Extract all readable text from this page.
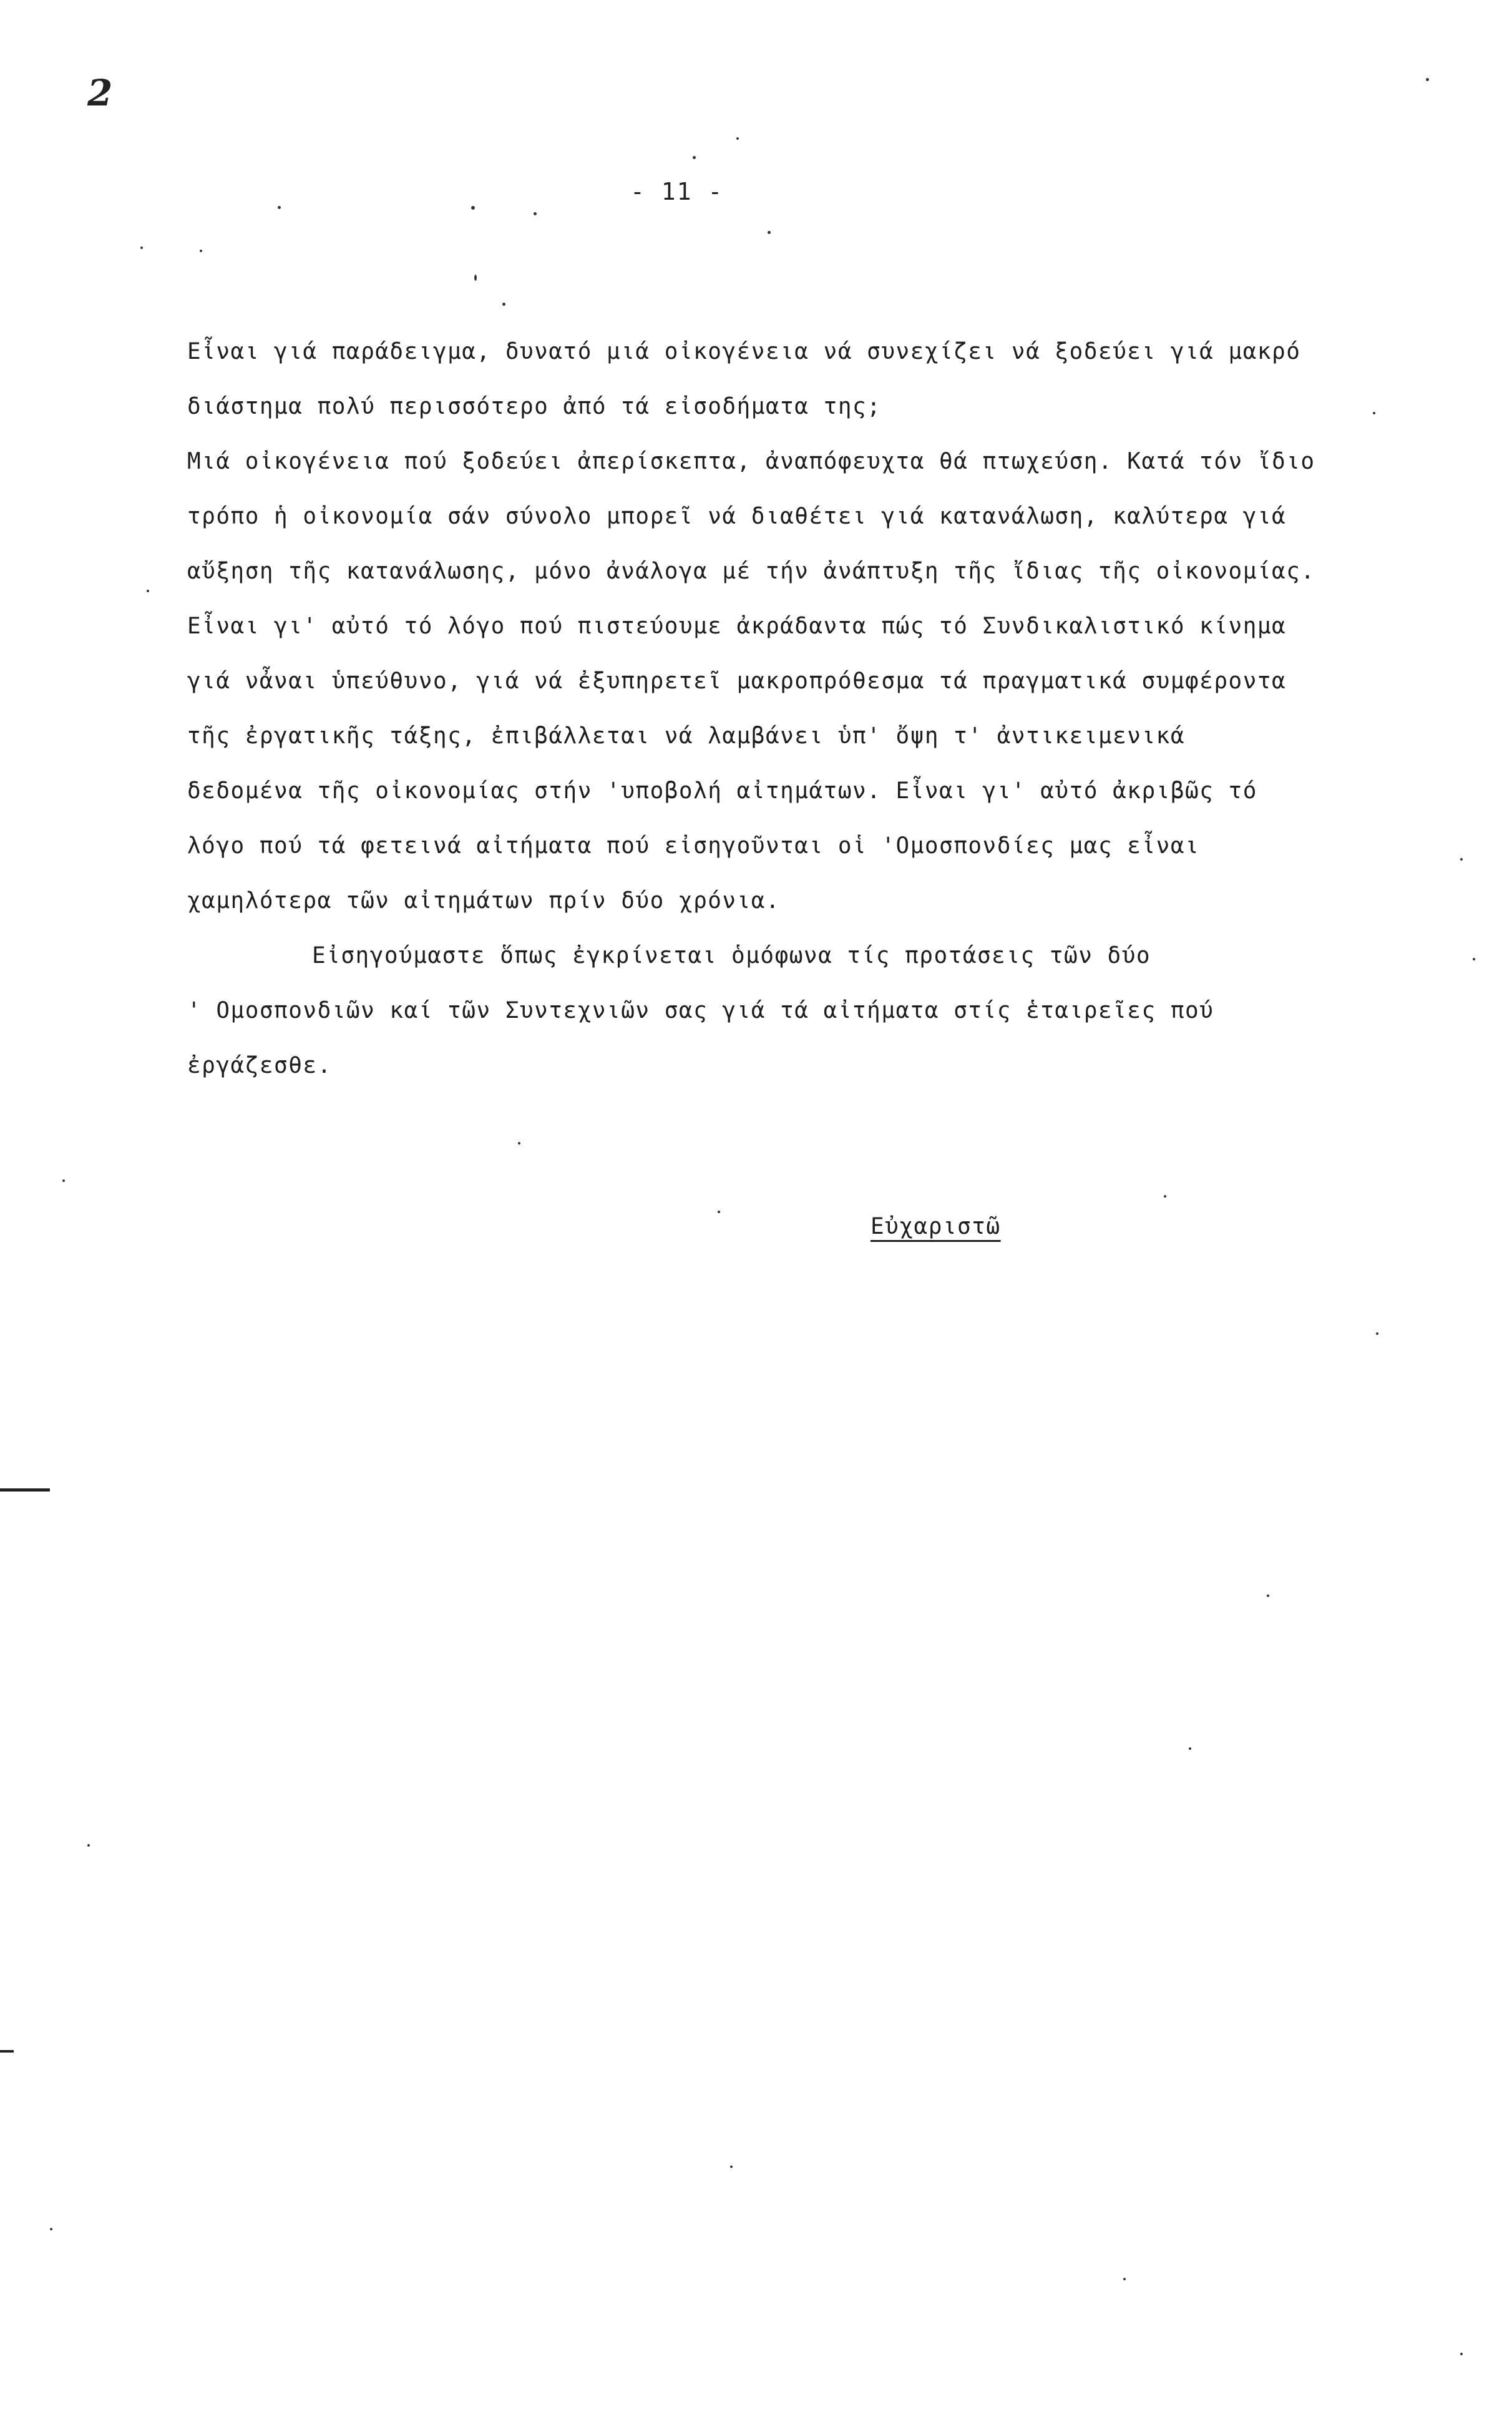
2
- 11 -
Εἶναι γιά παράδειγμα, δυνατό μιά οἰκογένεια νά συνεχίζει νά ξοδεύει γιά μακρό
διάστημα πολύ περισσότερο ἀπό τά εἰσοδήματα της;
Μιά οἰκογένεια πού ξοδεύει ἀπερίσκεπτα, ἀναπόφευχτα θά πτωχεύση. Κατά τόν ἴδιο
τρόπο ἡ οἰκονομία σάν σύνολο μπορεῖ νά διαθέτει γιά κατανάλωση, καλύτερα γιά
αὔξηση τῆς κατανάλωσης, μόνο ἀνάλογα μέ τήν ἀνάπτυξη τῆς ἴδιας τῆς οἰκονομίας.
Εἶναι γι' αὐτό τό λόγο πού πιστεύουμε ἀκράδαντα πώς τό Συνδικαλιστικό κίνημα
γιά νἆναι ὑπεύθυνο, γιά νά ἐξυπηρετεῖ μακροπρόθεσμα τά πραγματικά συμφέροντα
τῆς ἐργατικῆς τάξης, ἐπιβάλλεται νά λαμβάνει ὑπ' ὄψη τ' ἀντικειμενικά
δεδομένα τῆς οἰκονομίας στήν 'υποβολή αἰτημάτων. Εἶναι γι' αὐτό ἀκριβῶς τό
λόγο πού τά φετεινά αἰτήματα πού εἰσηγοῦνται οἱ 'Ομοσπονδίες μας εἶναι
χαμηλότερα τῶν αἰτημάτων πρίν δύο χρόνια.
Εἰσηγούμαστε ὅπως ἐγκρίνεται ὁμόφωνα τίς προτάσεις τῶν δύο
' Ομοσπονδιῶν καί τῶν Συντεχνιῶν σας γιά τά αἰτήματα στίς ἑταιρεῖες πού
ἐργάζεσθε.
Εὐχαριστῶ
